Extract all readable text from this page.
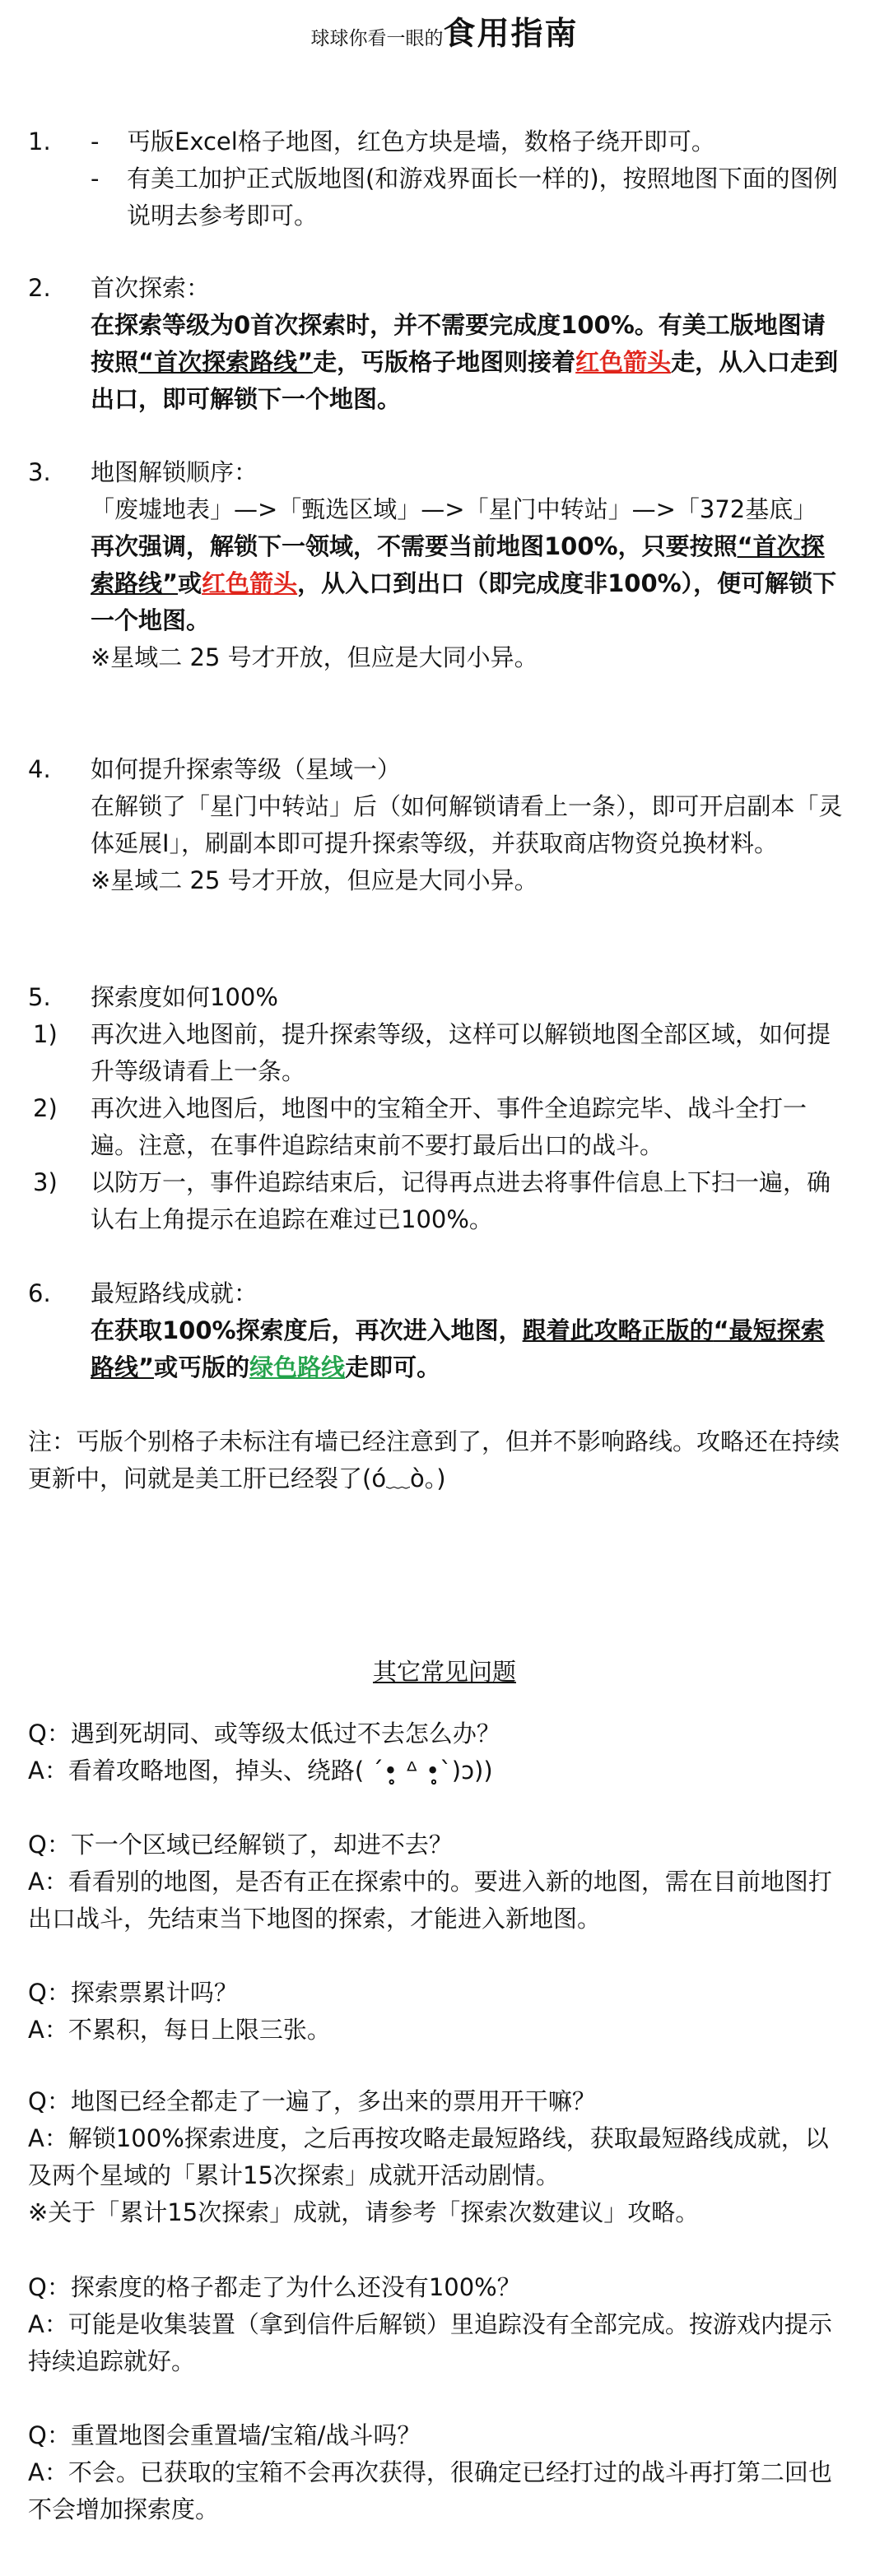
球球你看一眼的食用指南
1.	- 丐版Excel格子地图，红色方块是墙，数格子绕开即可。
- 有美工加护正式版地图(和游戏界面长一样的)，按照地图下面的图例说明去参考即可。
2.	首次探索：
在探索等级为0首次探索时，并不需要完成度100%。有美工版地图请按照“首次探索路线”走，丐版格子地图则接着红色箭头走，从入口走到出口，即可解锁下一个地图。
3.	地图解锁顺序：
「废墟地表」—>「甄选区域」—>「星门中转站」—>「372基底」
再次强调，解锁下一领域，不需要当前地图100%，只要按照“首次探索路线”或红色箭头，从入口到出口（即完成度非100%），便可解锁下一个地图。
※星域二 25 号才开放，但应是大同小异。
4.	如何提升探索等级（星域一）
在解锁了「星门中转站」后（如何解锁请看上一条），即可开启副本「灵体延展Ⅰ」，刷副本即可提升探索等级，并获取商店物资兑换材料。
※星域二 25 号才开放，但应是大同小异。
5.	探索度如何100%
1)	再次进入地图前，提升探索等级，这样可以解锁地图全部区域，如何提升等级请看上一条。
2)	再次进入地图后，地图中的宝箱全开、事件全追踪完毕、战斗全打一遍。注意，在事件追踪结束前不要打最后出口的战斗。
3)	以防万一，事件追踪结束后，记得再点进去将事件信息上下扫一遍，确认右上角提示在追踪在难过已100%。
6.	最短路线成就：
在获取100%探索度后，再次进入地图，跟着此攻略正版的“最短探索路线”或丐版的绿色路线走即可。
注：丐版个别格子未标注有墙已经注意到了，但并不影响路线。攻略还在持续更新中，问就是美工肝已经裂了(ó﹏ò。)
其它常见问题
Q：遇到死胡同、或等级太低过不去怎么办？
A：看着攻略地图，掉头、绕路( ´•̥̥̥ ᐞ •̥̥̥`)ɔ))
Q：下一个区域已经解锁了，却进不去？
A：看看别的地图，是否有正在探索中的。要进入新的地图，需在目前地图打出口战斗，先结束当下地图的探索，才能进入新地图。
Q：探索票累计吗？
A：不累积，每日上限三张。
Q：地图已经全都走了一遍了，多出来的票用开干嘛？
A：解锁100%探索进度，之后再按攻略走最短路线，获取最短路线成就，以及两个星域的「累计15次探索」成就开活动剧情。
※关于「累计15次探索」成就，请参考「探索次数建议」攻略。
Q：探索度的格子都走了为什么还没有100%？
A：可能是收集装置（拿到信件后解锁）里追踪没有全部完成。按游戏内提示持续追踪就好。
Q：重置地图会重置墙/宝箱/战斗吗？
A：不会。已获取的宝箱不会再次获得，很确定已经打过的战斗再打第二回也不会增加探索度。
